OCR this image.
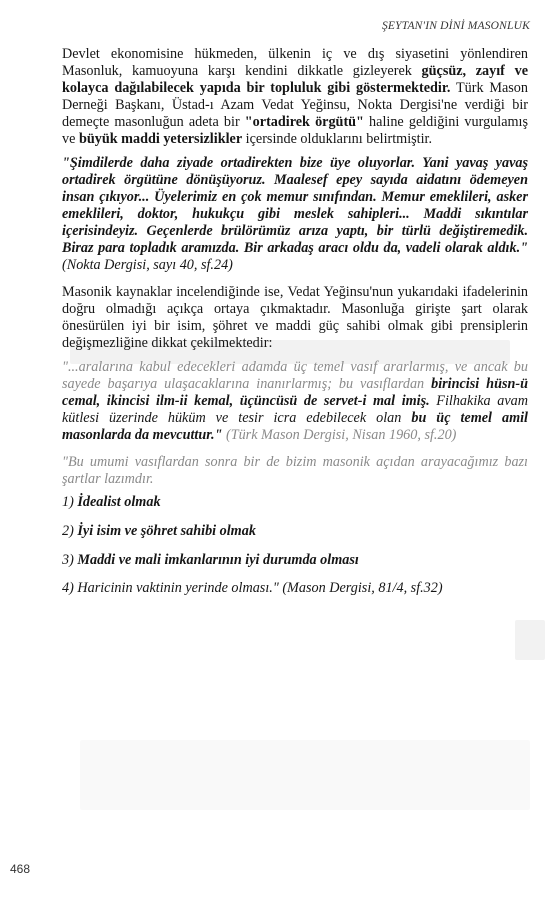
ŞEYTAN'IN DİNİ MASONLUK

Devlet ekonomisine hükmeden, ülkenin iç ve dış siyasetini yönlendiren Masonluk, kamuoyuna karşı kendini dikkatle gizleyerek güçsüz, zayıf ve kolayca dağılabilecek yapıda bir topluluk gibi göstermektedir. Türk Mason Derneği Başkanı, Üstad-ı Azam Vedat Yeğinsu, Nokta Dergisi'ne verdiği bir demeçte masonluğun adeta bir "ortadirek örgütü" haline geldiğini vurgulamış ve büyük maddi yetersizlikler içersinde olduklarını belirtmiştir.

"Şimdilerde daha ziyade ortadirekten bize üye oluyorlar. Yani yavaş yavaş ortadirek örgütüne dönüşüyoruz. Maalesef epey sayıda aidatını ödemeyen insan çıkıyor... Üyelerimiz en çok memur sınıfından. Memur emeklileri, asker emeklileri, doktor, hukukçu gibi meslek sahipleri... Maddi sıkıntılar içerisindeyiz. Geçenlerde brülörümüz arıza yaptı, bir türlü değiştiremedik. Biraz para topladık aramızda. Bir arkadaş aracı oldu da, vadeli olarak aldık." (Nokta Dergisi, sayı 40, sf.24)

Masonik kaynaklar incelendiğinde ise, Vedat Yeğinsu'nun yukarıdaki ifadelerinin doğru olmadığı açıkça ortaya çıkmaktadır. Masonluğa girişte şart olarak önesürülen iyi bir isim, şöhret ve maddi güç sahibi olmak gibi prensiplerin değişmezliğine dikkat çekilmektedir:

"...aralarına kabul edecekleri adamda üç temel vasıf ararlarmış, ve ancak bu sayede başarıya ulaşacaklarına inanırlarmış; bu vasıflardan birincisi hüsn-ü cemal, ikincisi ilm-ii kemal, üçüncüsü de servet-i mal imiş. Filhakika avam kütlesi üzerinde hüküm ve tesir icra edebilecek olan bu üç temel amil masonlarda da mevcuttur." (Türk Mason Dergisi, Nisan 1960, sf.20)

"Bu umumi vasıflardan sonra bir de bizim masonik açıdan arayacağımız bazı şartlar lazımdır.

1) İdealist olmak
2) İyi isim ve şöhret sahibi olmak
3) Maddi ve mali imkanlarının iyi durumda olması
4) Haricinin vaktinin yerinde olması." (Mason Dergisi, 81/4, sf.32)
468
